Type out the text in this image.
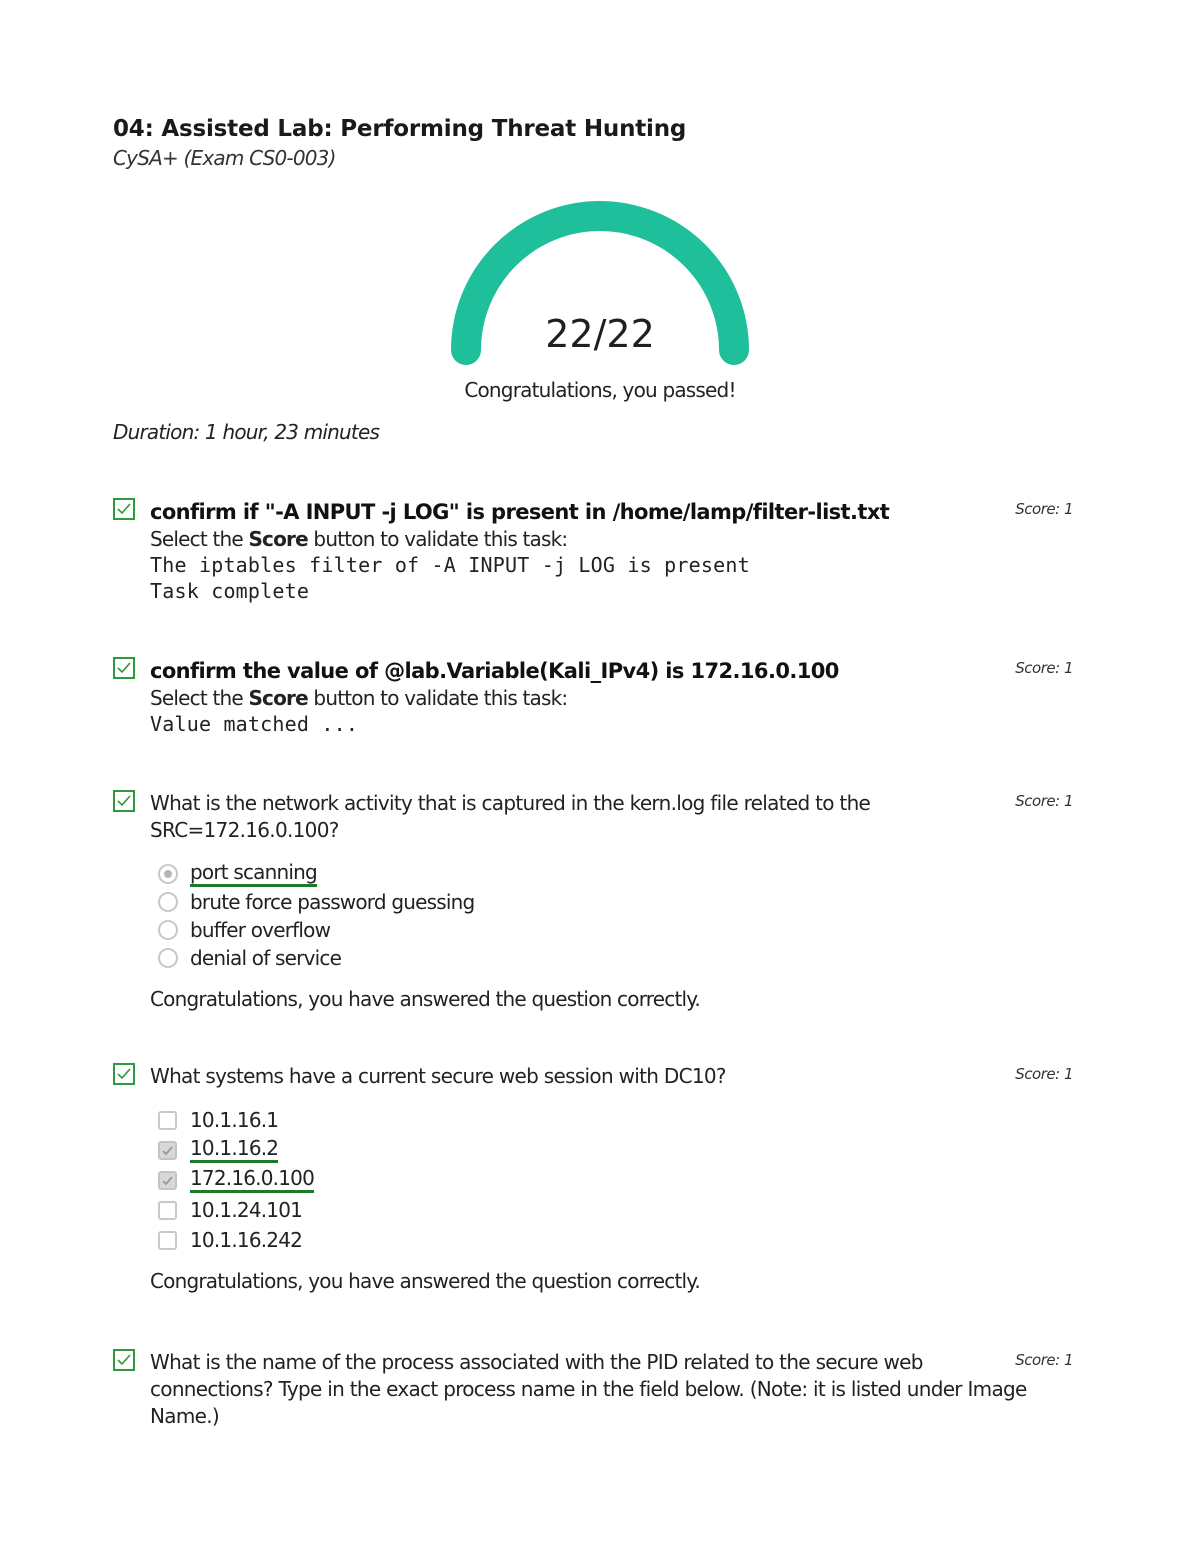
04: Assisted Lab: Performing Threat Hunting
CySA+ (Exam CS0-003)
22/22
Congratulations, you passed!
Duration: 1 hour, 23 minutes
confirm if "-A INPUT -j LOG" is present in /home/lamp/filter-list.txt
Select the Score button to validate this task:
The iptables filter of -A INPUT -j LOG is present
Task complete
Score: 1
confirm the value of @lab.Variable(Kali_IPv4) is 172.16.0.100
Select the Score button to validate this task:
Value matched ...
Score: 1
What is the network activity that is captured in the kern.log file related to the SRC=172.16.0.100?
port scanning
brute force password guessing
buffer overflow
denial of service
Congratulations, you have answered the question correctly.
Score: 1
What systems have a current secure web session with DC10?
10.1.16.1
10.1.16.2
172.16.0.100
10.1.24.101
10.1.16.242
Congratulations, you have answered the question correctly.
Score: 1
What is the name of the process associated with the PID related to the secure web connections? Type in the exact process name in the field below. (Note: it is listed under Image Name.)
Score: 1
